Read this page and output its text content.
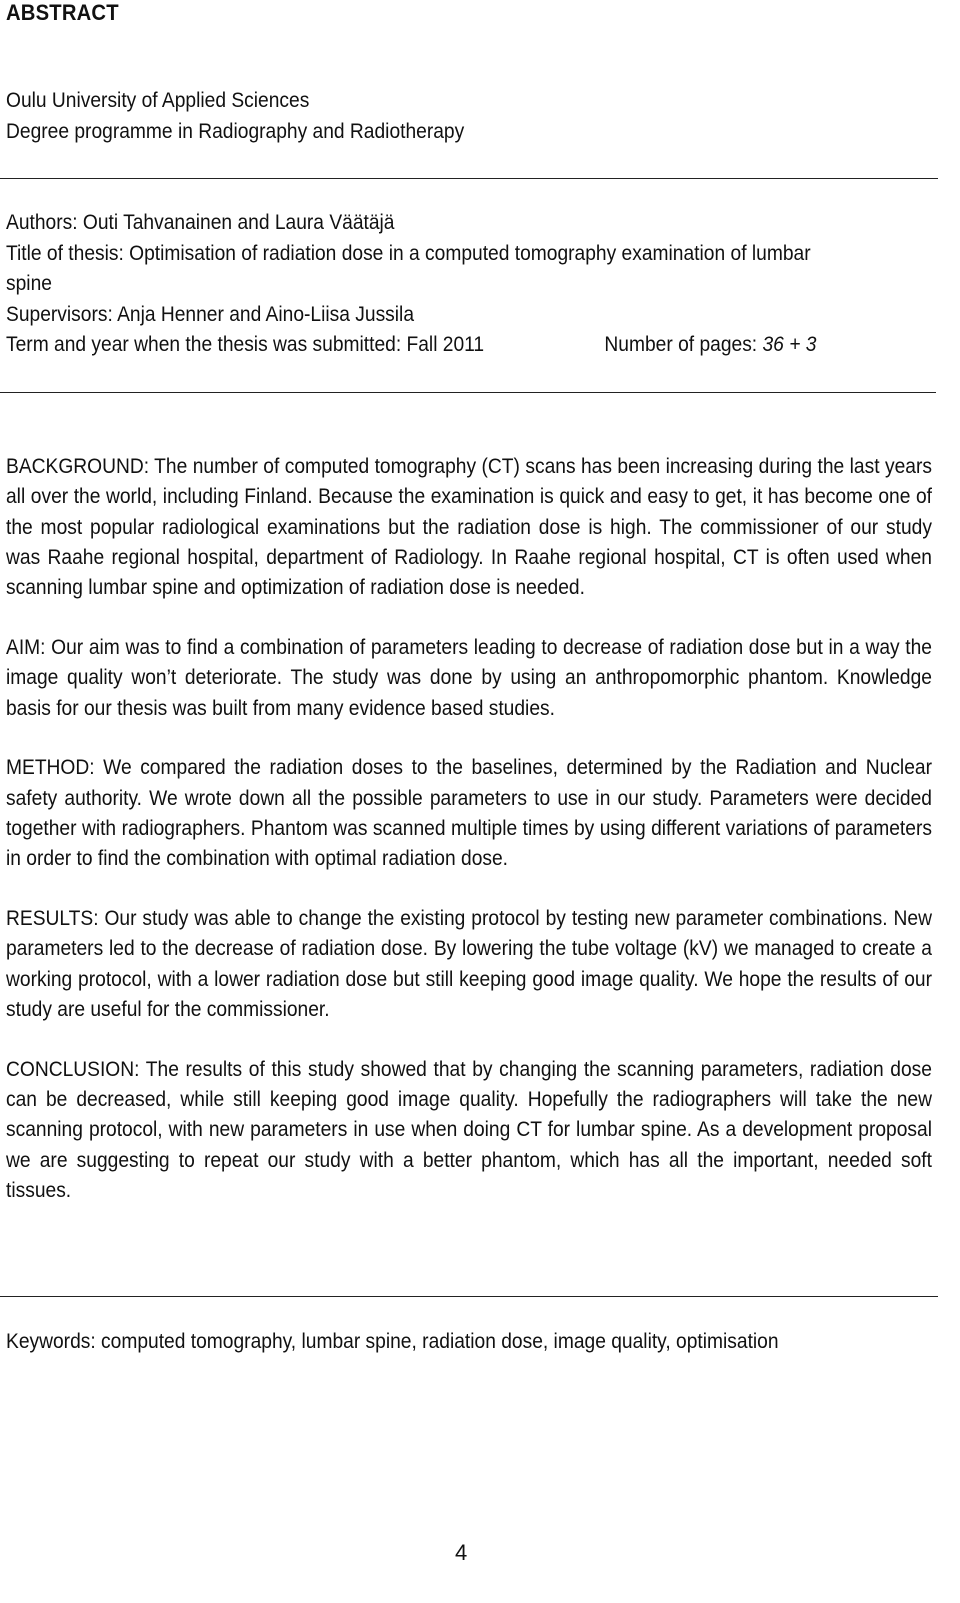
ABSTRACT
Oulu University of Applied Sciences
Degree programme in Radiography and Radiotherapy
Authors: Outi Tahvanainen and Laura Väätäjä
Title of thesis: Optimisation of radiation dose in a computed tomography examination of lumbar
spine
Supervisors: Anja Henner and Aino-Liisa Jussila
Term and year when the thesis was submitted: Fall 2011	Number of pages: 36 + 3

BACKGROUND: The number of computed tomography (CT) scans has been increasing during the last years all over the world, including Finland. Because the examination is quick and easy to get, it has become one of the most popular radiological examinations but the radiation dose is high. The commissioner of our study was Raahe regional hospital, department of Radiology. In Raahe regional hospital, CT is often used when scanning lumbar spine and optimization of radiation dose is needed.

AIM: Our aim was to find a combination of parameters leading to decrease of radiation dose but in a way the image quality won’t deteriorate. The study was done by using an anthropomorphic phantom. Knowledge basis for our thesis was built from many evidence based studies.

METHOD: We compared the radiation doses to the baselines, determined by the Radiation and Nuclear safety authority. We wrote down all the possible parameters to use in our study. Parameters were decided together with radiographers. Phantom was scanned multiple times by using different variations of parameters in order to find the combination with optimal radiation dose.

RESULTS: Our study was able to change the existing protocol by testing new parameter combinations. New parameters led to the decrease of radiation dose. By lowering the tube voltage (kV) we managed to create a working protocol, with a lower radiation dose but still keeping good image quality. We hope the results of our study are useful for the commissioner.

CONCLUSION: The results of this study showed that by changing the scanning parameters, radiation dose can be decreased, while still keeping good image quality. Hopefully the radiographers will take the new scanning protocol, with new parameters in use when doing CT for lumbar spine. As a development proposal we are suggesting to repeat our study with a better phantom, which has all the important, needed soft tissues.

Keywords: computed tomography, lumbar spine, radiation dose, image quality, optimisation
4
